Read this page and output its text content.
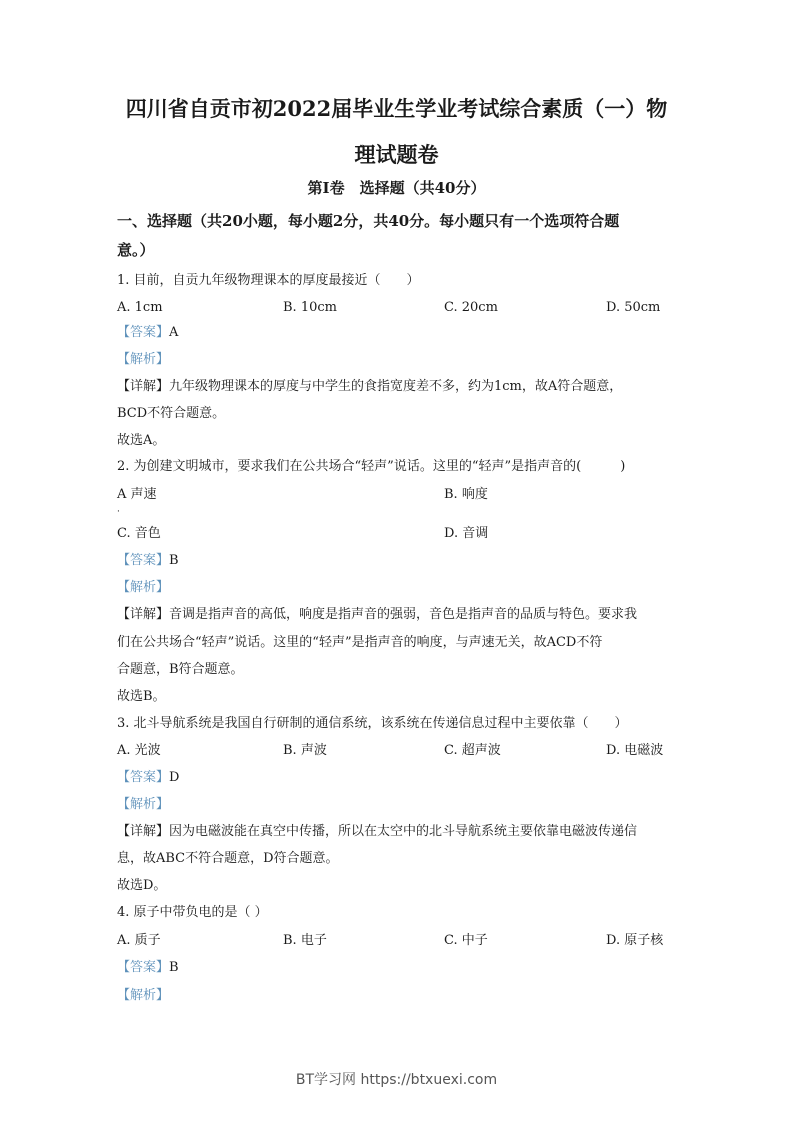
四川省自贡市初2022届毕业生学业考试综合素质（一）物
理试题卷
第Ⅰ卷　选择题（共40分）
一、选择题（共20小题，每小题2分，共40分。每小题只有一个选项符合题
意。）
1. 目前，自贡九年级物理课本的厚度最接近（　　）
A. 1cm	B. 10cm	C. 20cm	D. 50cm
【答案】A
【解析】
【详解】九年级物理课本的厚度与中学生的食指宽度差不多，约为1cm，故A符合题意，
BCD不符合题意。
故选A。
2. 为创建文明城市，要求我们在公共场合“轻声”说话。这里的“轻声”是指声音的(　　　)
A 声速	B. 响度
·
C. 音色	D. 音调
【答案】B
【解析】
【详解】音调是指声音的高低，响度是指声音的强弱，音色是指声音的品质与特色。要求我
们在公共场合“轻声”说话。这里的“轻声”是指声音的响度，与声速无关，故ACD不符
合题意，B符合题意。
故选B。
3. 北斗导航系统是我国自行研制的通信系统，该系统在传递信息过程中主要依靠（　　）
A. 光波	B. 声波	C. 超声波	D. 电磁波
【答案】D
【解析】
【详解】因为电磁波能在真空中传播，所以在太空中的北斗导航系统主要依靠电磁波传递信
息，故ABC不符合题意，D符合题意。
故选D。
4. 原子中带负电的是（ ）
A. 质子	B. 电子	C. 中子	D. 原子核
【答案】B
【解析】
BT学习网 https://btxuexi.com
